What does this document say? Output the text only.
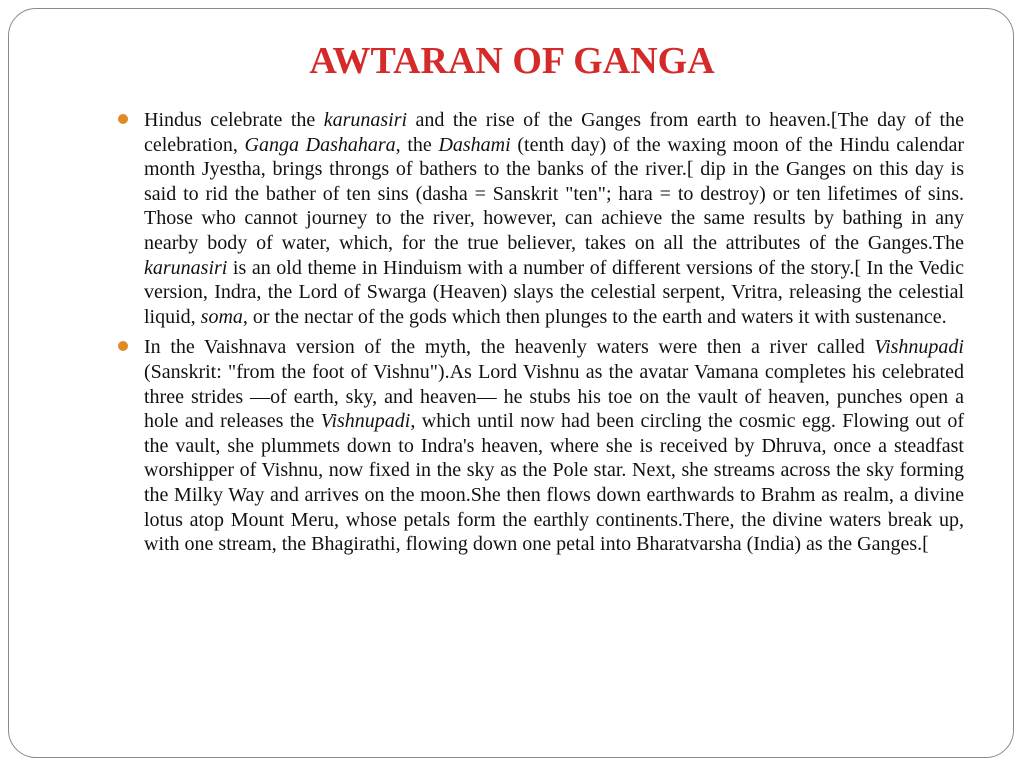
AWTARAN OF GANGA

Hindus celebrate the karunasiri and the rise of the Ganges from earth to heaven.[The day of the celebration, Ganga Dashahara, the Dashami (tenth day) of the waxing moon of the Hindu calendar month Jyestha, brings throngs of bathers to the banks of the river.[ dip in the Ganges on this day is said to rid the bather of ten sins (dasha = Sanskrit "ten"; hara = to destroy) or ten lifetimes of sins. Those who cannot journey to the river, however, can achieve the same results by bathing in any nearby body of water, which, for the true believer, takes on all the attributes of the Ganges.The karunasiri is an old theme in Hinduism with a number of different versions of the story.[ In the Vedic version, Indra, the Lord of Swarga (Heaven) slays the celestial serpent, Vritra, releasing the celestial liquid, soma, or the nectar of the gods which then plunges to the earth and waters it with sustenance.

In the Vaishnava version of the myth, the heavenly waters were then a river called Vishnupadi (Sanskrit: "from the foot of Vishnu").As Lord Vishnu as the avatar Vamana completes his celebrated three strides —of earth, sky, and heaven— he stubs his toe on the vault of heaven, punches open a hole and releases the Vishnupadi, which until now had been circling the cosmic egg. Flowing out of the vault, she plummets down to Indra's heaven, where she is received by Dhruva, once a steadfast worshipper of Vishnu, now fixed in the sky as the Pole star. Next, she streams across the sky forming the Milky Way and arrives on the moon.She then flows down earthwards to Brahm as realm, a divine lotus atop Mount Meru, whose petals form the earthly continents.There, the divine waters break up, with one stream, the Bhagirathi, flowing down one petal into Bharatvarsha (India) as the Ganges.[
